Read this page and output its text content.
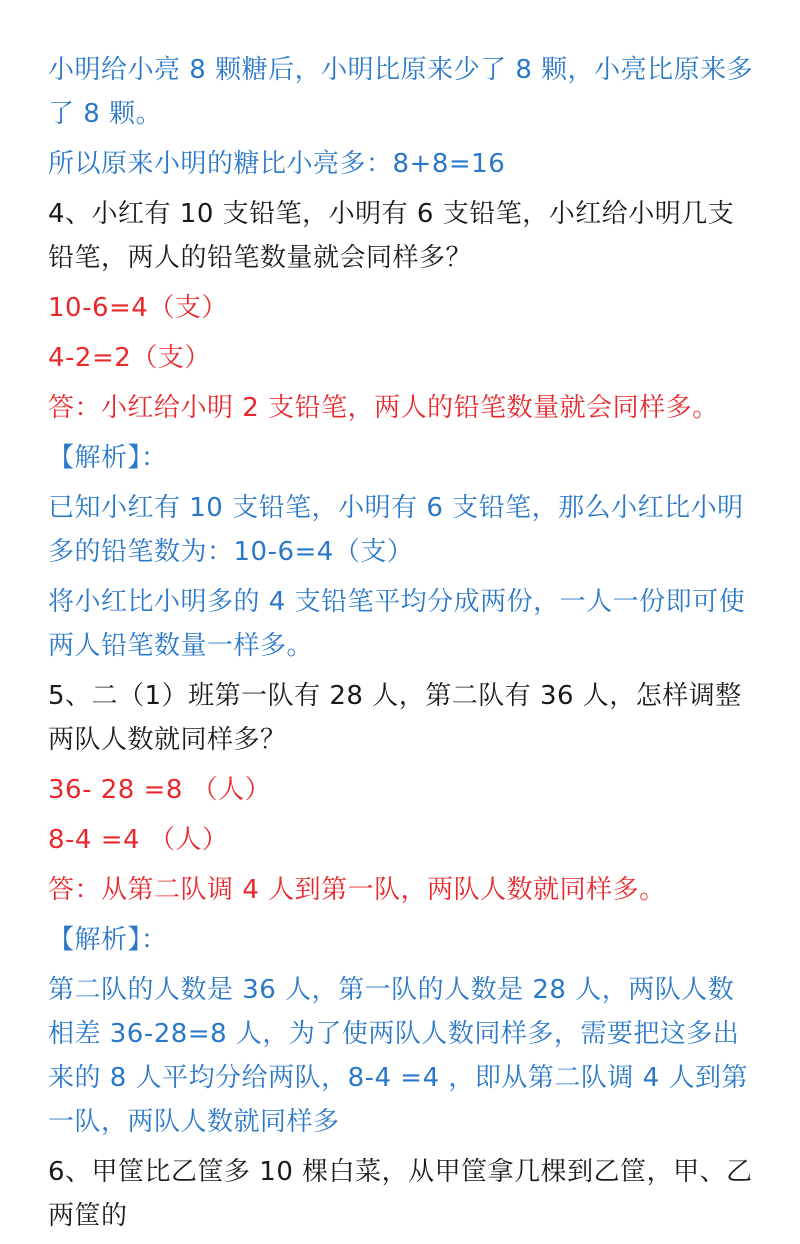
小明给小亮 8 颗糖后，小明比原来少了 8 颗，小亮比原来多了 8 颗。

所以原来小明的糖比小亮多：8+8=16

4、小红有 10 支铅笔，小明有 6 支铅笔，小红给小明几支铅笔，两人的铅笔数量就会同样多？

10-6=4（支）

4-2=2（支）

答：小红给小明 2 支铅笔，两人的铅笔数量就会同样多。

【解析】：

已知小红有 10 支铅笔，小明有 6 支铅笔，那么小红比小明多的铅笔数为：10-6=4（支）

将小红比小明多的 4 支铅笔平均分成两份，一人一份即可使两人铅笔数量一样多。

5、二（1）班第一队有 28 人，第二队有 36 人，怎样调整两队人数就同样多？

36- 28 =8 （人）

8-4 =4 （人）

答：从第二队调 4 人到第一队，两队人数就同样多。

【解析】：

第二队的人数是 36 人，第一队的人数是 28 人，两队人数相差 36-28=8 人，为了使两队人数同样多，需要把这多出来的 8 人平均分给两队，8-4 =4 ，即从第二队调 4 人到第一队，两队人数就同样多

6、甲筐比乙筐多 10 棵白菜，从甲筐拿几棵到乙筐，甲、乙两筐的
